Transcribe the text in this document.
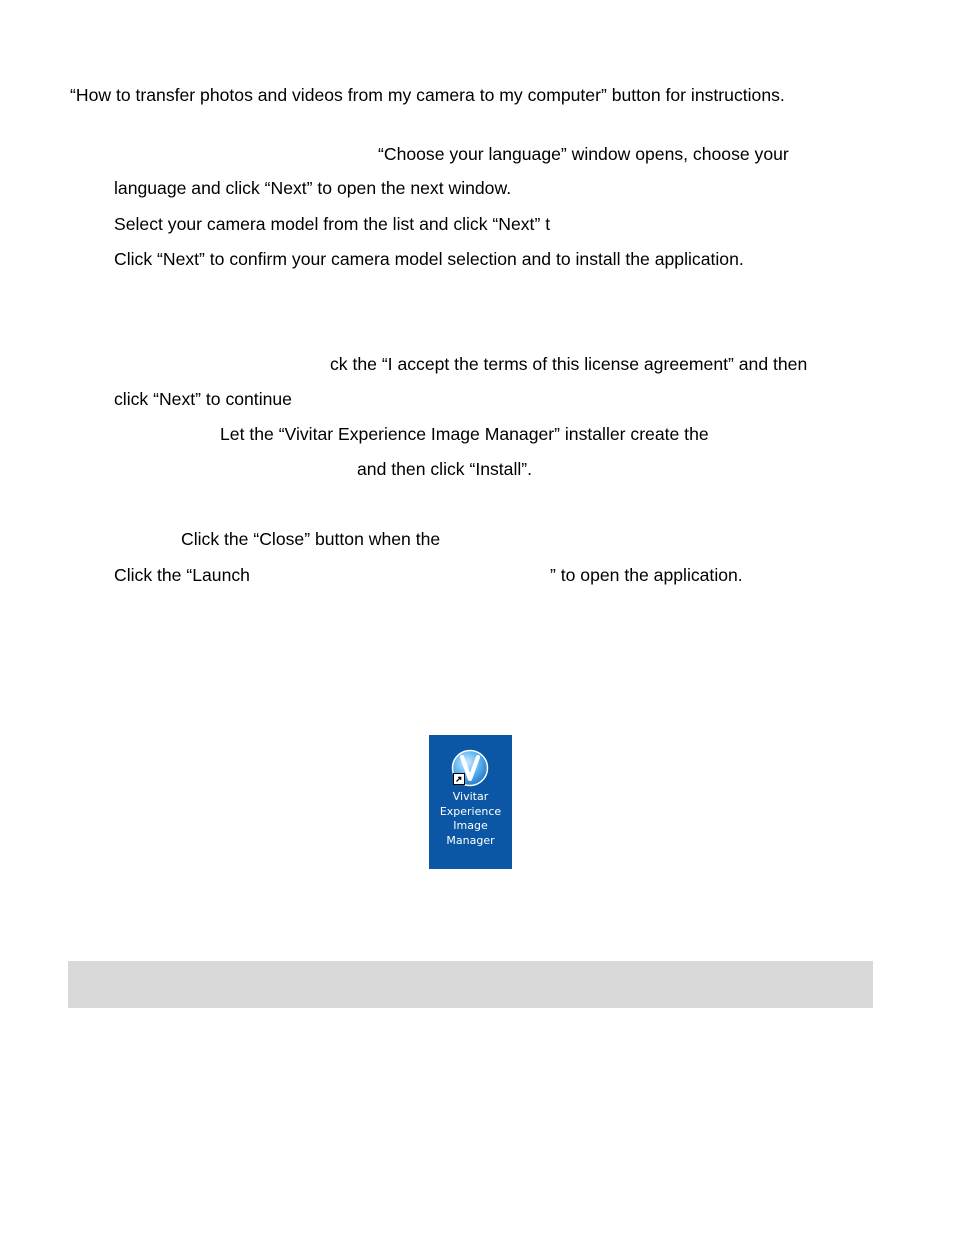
“How to transfer photos and videos from my camera to my computer” button for instructions.

“Choose your language” window opens, choose your

language and click “Next” to open the next window.

Select your camera model from the list and click “Next” t

Click “Next” to confirm your camera model selection and to install the application.

ck the “I accept the terms of this license agreement” and then

click “Next” to continue

Let the “Vivitar Experience Image Manager” installer create the

and then click “Install”.

Click the “Close” button when the

Click the “Launch	” to open the application.

Vivitar
Experience
Image
Manager
